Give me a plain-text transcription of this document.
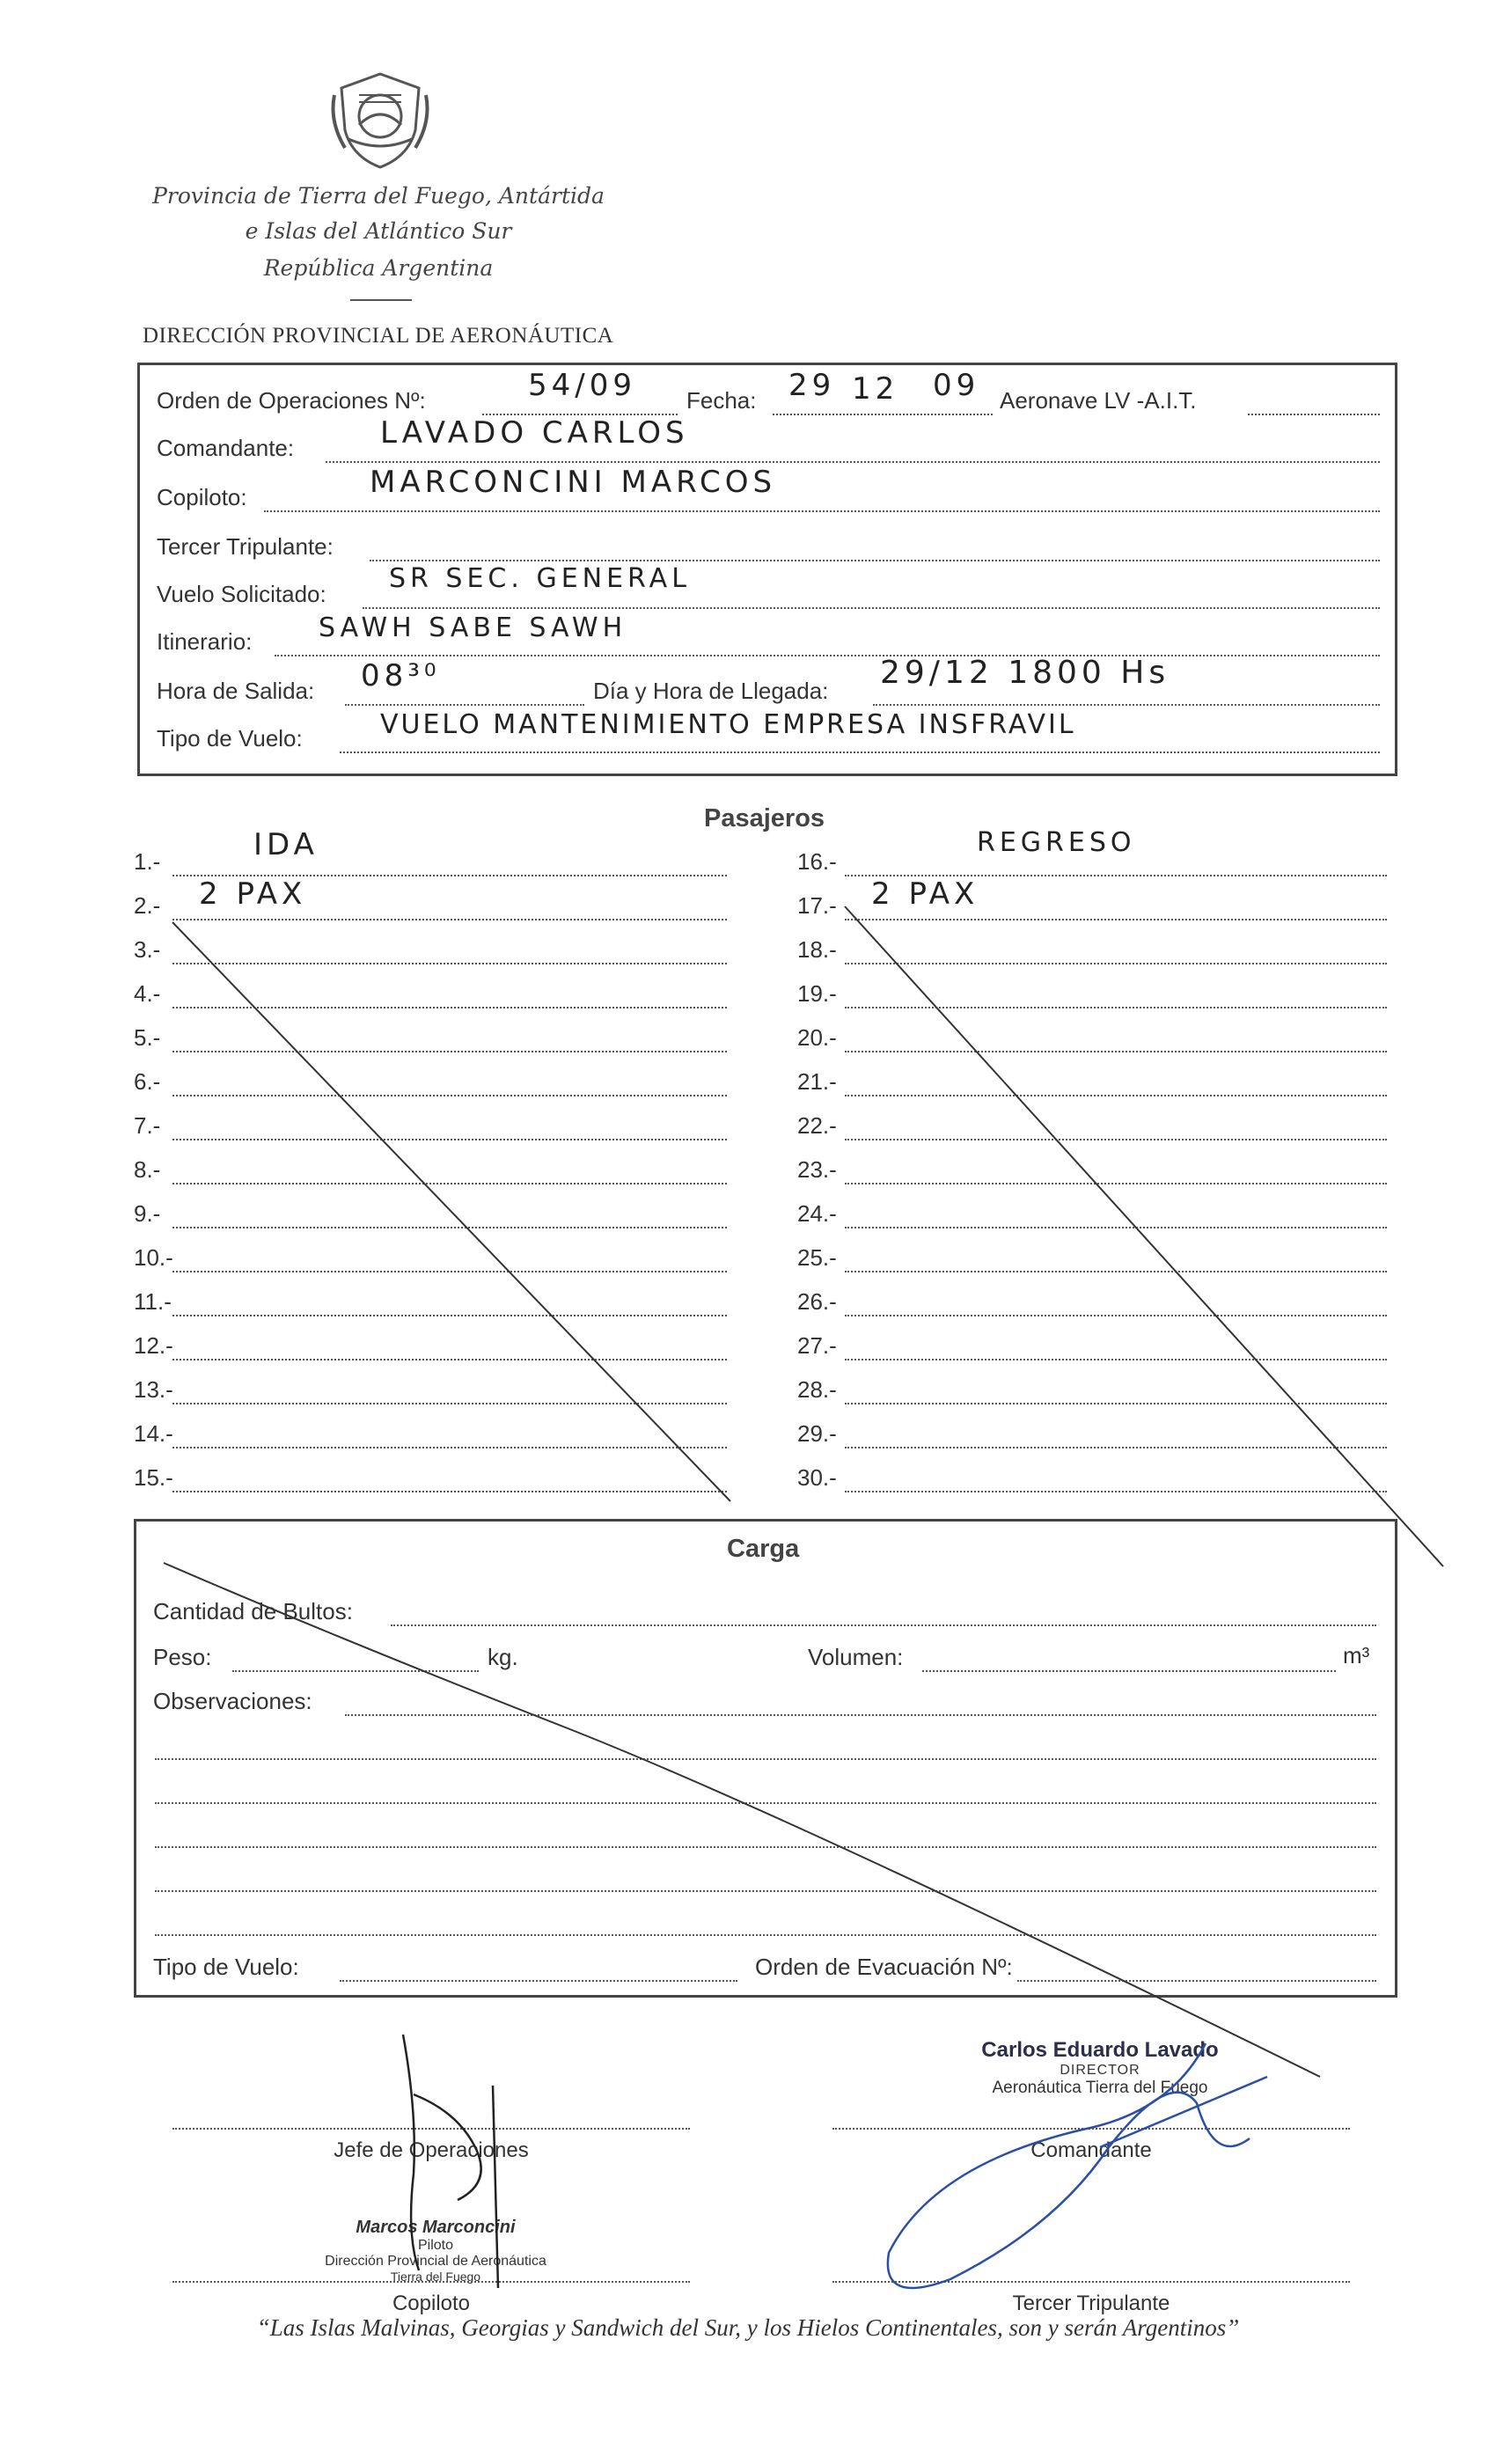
Provincia de Tierra del Fuego, Antártida
e Islas del Atlántico Sur
República Argentina
DIRECCIÓN PROVINCIAL DE AERONÁUTICA
Orden de Operaciones Nº:	54/09 Fecha: 29 12 09 Aeronave LV -A.I.T.
Comandante:	LAVADO CARLOS
Copiloto:	MARCONCINI MARCOS
Tercer Tripulante:
Vuelo Solicitado: SR SEC. GENERAL
Itinerario:	SAWH SABE SAWH
Hora de Salida: 08³⁰	Día y Hora de Llegada: 29/12 1800 Hs
Tipo de Vuelo:	VUELO MANTENIMIENTO EMPRESA INSFRAVIL
Pasajeros
IDA	REGRESO
1.-
2.- 2 PAX
3.-
4.-
5.-
6.-
7.-
8.-
9.-
10.-
11.-
12.-
13.-
14.-
15.-
16.-
17.- 2 PAX
18.-
19.-
20.-
21.-
22.-
23.-
24.-
25.-
26.-
27.-
28.-
29.-
30.-
Carga
Cantidad de Bultos:
Peso:	kg.	Volumen:	m³
Observaciones:
Tipo de Vuelo:	Orden de Evacuación Nº:
Carlos Eduardo Lavado
DIRECTOR
Aeronáutica Tierra del Fuego
Jefe de Operaciones	Comandante
Marcos Marconcini
Piloto
Dirección Provincial de Aeronáutica
Tierra del Fuego
Copiloto	Tercer Tripulante
“Las Islas Malvinas, Georgias y Sandwich del Sur, y los Hielos Continentales, son y serán Argentinos”
